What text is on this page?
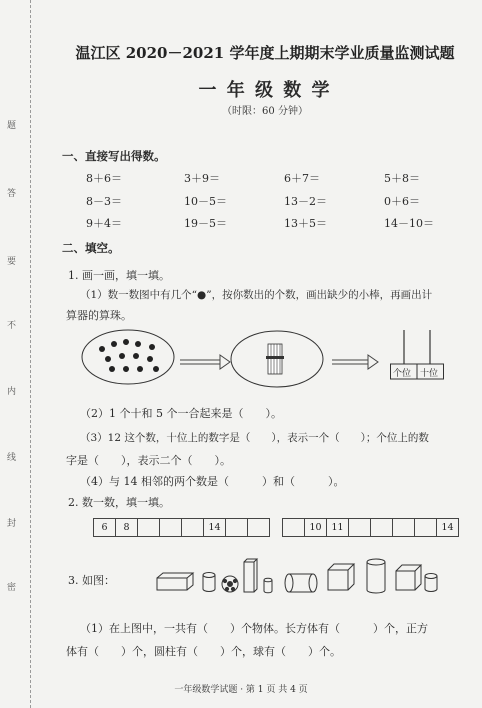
题
答
要
不
内
线
封
密
温江区 2020－2021 学年度上期期末学业质量监测试题
一 年 级 数 学
（时限：60 分钟）
一、直接写出得数。
8＋6＝	3＋9＝	6＋7＝	5＋8＝
8－3＝	10－5＝	13－2＝	0＋6＝
9＋4＝	19－5＝	13＋5＝	14－10＝
二、填空。
1. 画一画，填一填。
（1）数一数图中有几个“●”，按你数出的个数，画出缺少的小棒，再画出计
算器的算珠。
个位 十位
（2）1 个十和 5 个一合起来是（　　）。
（3）12 这个数，十位上的数字是（　　），表示一个（　　）；个位上的数
字是（　　），表示二个（　　）。
（4）与 14 相邻的两个数是（　　　）和（　　　）。
2. 数一数，填一填。
6	8				14		
		10	11					14
3. 如图：
（1）在上图中，一共有（　　）个物体。长方体有（　　　）个，正方
体有（　　）个，圆柱有（　　）个，球有（　　）个。
一年级数学试题 · 第 1 页 共 4 页
